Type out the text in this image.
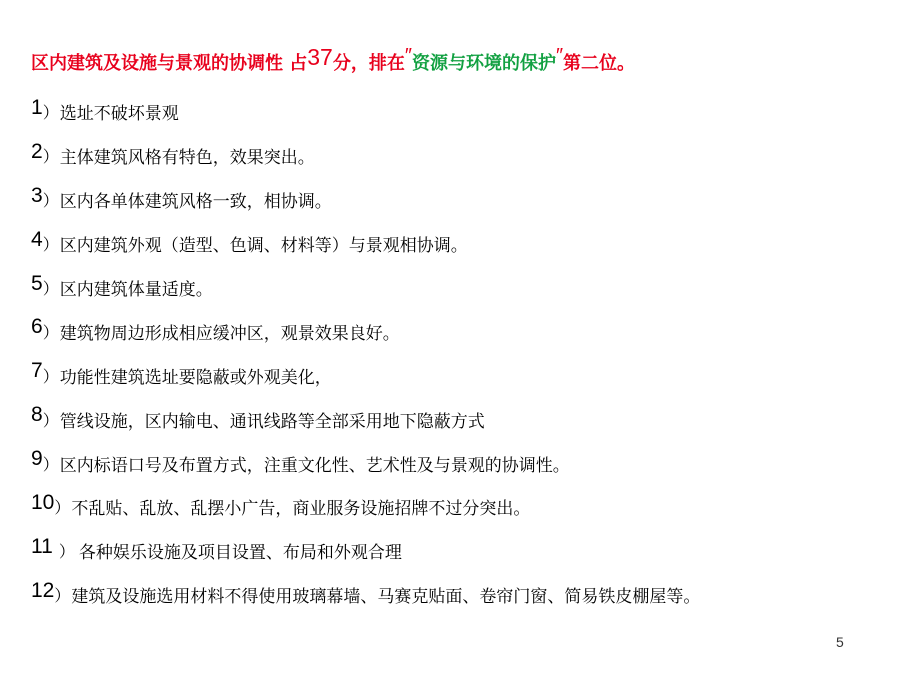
区内建筑及设施与景观的协调性 占37分，排在″资源与环境的保护″第二位。
1 ） 选址不破坏景观
2 ） 主体建筑风格有特色，效果突出。
3 ） 区内各单体建筑风格一致，相协调。
4 ） 区内建筑外观（造型、色调、材料等）与景观相协调。
5 ） 区内建筑体量适度。
6 ） 建筑物周边形成相应缓冲区，观景效果良好。
7 ） 功能性建筑选址要隐蔽或外观美化，
8 ） 管线设施，区内输电、通讯线路等全部采用地下隐蔽方式
9 ） 区内标语口号及布置方式，注重文化性、艺术性及与景观的协调性。
10 ） 不乱贴、乱放、乱摆小广告，商业服务设施招牌不过分突出。
11 ） 各种娱乐设施及项目设置、布局和外观合理
12 ） 建筑及设施选用材料不得使用玻璃幕墙、马赛克贴面、卷帘门窗、简易铁皮棚屋等。
5
